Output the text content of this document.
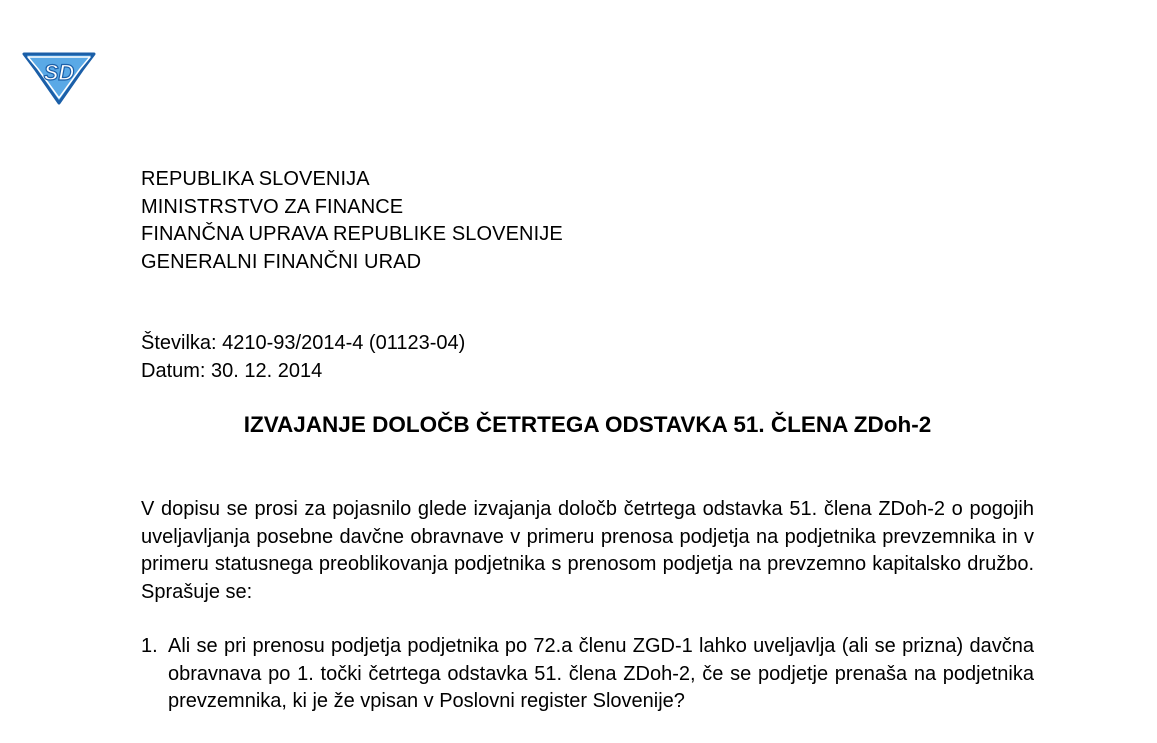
SD
REPUBLIKA SLOVENIJA
MINISTRSTVO ZA FINANCE
FINANČNA UPRAVA REPUBLIKE SLOVENIJE
GENERALNI FINANČNI URAD
Številka: 4210-93/2014-4 (01123-04)
Datum: 30. 12. 2014
IZVAJANJE DOLOČB ČETRTEGA ODSTAVKA 51. ČLENA ZDoh-2

V dopisu se prosi za pojasnilo glede izvajanja določb četrtega odstavka 51. člena ZDoh-2 o pogojih uveljavljanja posebne davčne obravnave v primeru prenosa podjetja na podjetnika prevzemnika in v primeru statusnega preoblikovanja podjetnika s prenosom podjetja na prevzemno kapitalsko družbo. Sprašuje se:

1. Ali se pri prenosu podjetja podjetnika po 72.a členu ZGD-1 lahko uveljavlja (ali se prizna) davčna obravnava po 1. točki četrtega odstavka 51. člena ZDoh-2, če se podjetje prenaša na podjetnika prevzemnika, ki je že vpisan v Poslovni register Slovenije?
